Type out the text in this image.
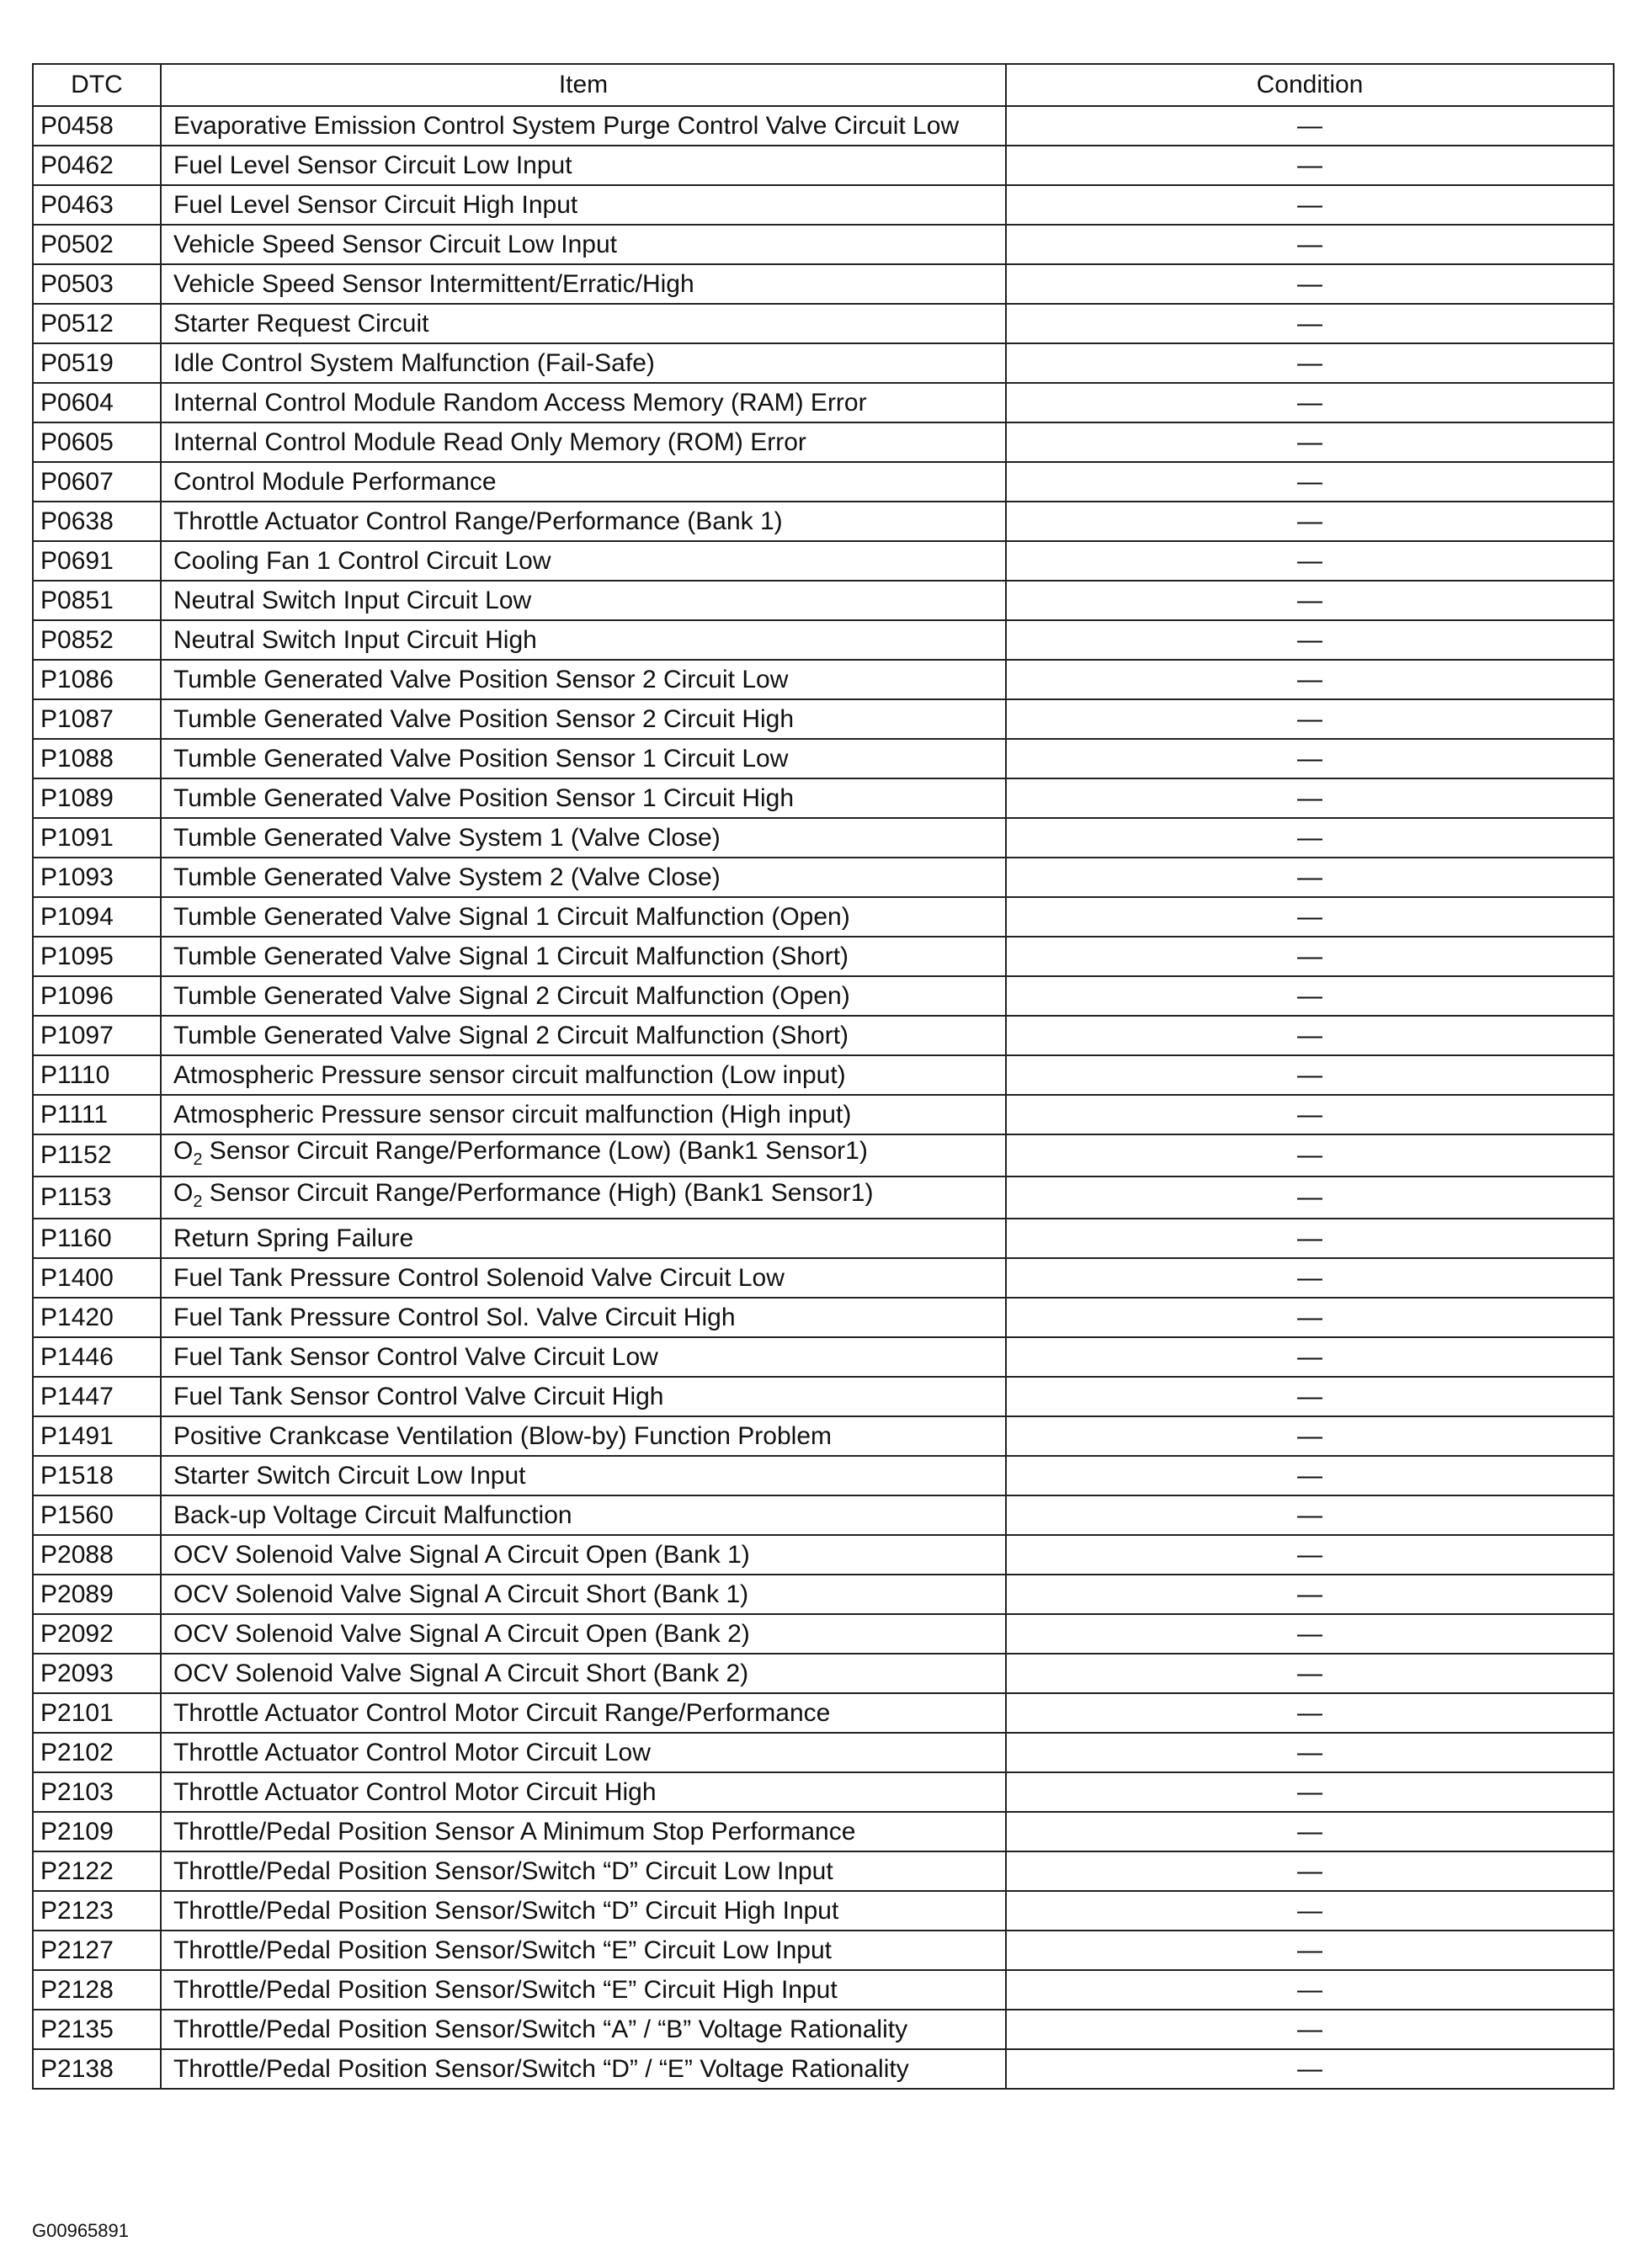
DTC	Item	Condition
P0458	Evaporative Emission Control System Purge Control Valve Circuit Low	—
P0462	Fuel Level Sensor Circuit Low Input	—
P0463	Fuel Level Sensor Circuit High Input	—
P0502	Vehicle Speed Sensor Circuit Low Input	—
P0503	Vehicle Speed Sensor Intermittent/Erratic/High	—
P0512	Starter Request Circuit	—
P0519	Idle Control System Malfunction (Fail-Safe)	—
P0604	Internal Control Module Random Access Memory (RAM) Error	—
P0605	Internal Control Module Read Only Memory (ROM) Error	—
P0607	Control Module Performance	—
P0638	Throttle Actuator Control Range/Performance (Bank 1)	—
P0691	Cooling Fan 1 Control Circuit Low	—
P0851	Neutral Switch Input Circuit Low	—
P0852	Neutral Switch Input Circuit High	—
P1086	Tumble Generated Valve Position Sensor 2 Circuit Low	—
P1087	Tumble Generated Valve Position Sensor 2 Circuit High	—
P1088	Tumble Generated Valve Position Sensor 1 Circuit Low	—
P1089	Tumble Generated Valve Position Sensor 1 Circuit High	—
P1091	Tumble Generated Valve System 1 (Valve Close)	—
P1093	Tumble Generated Valve System 2 (Valve Close)	—
P1094	Tumble Generated Valve Signal 1 Circuit Malfunction (Open)	—
P1095	Tumble Generated Valve Signal 1 Circuit Malfunction (Short)	—
P1096	Tumble Generated Valve Signal 2 Circuit Malfunction (Open)	—
P1097	Tumble Generated Valve Signal 2 Circuit Malfunction (Short)	—
P1110	Atmospheric Pressure sensor circuit malfunction (Low input)	—
P1111	Atmospheric Pressure sensor circuit malfunction (High input)	—
P1152	$O_2$ Sensor Circuit Range/Performance (Low) (Bank1 Sensor1)	—
P1153	$O_2$ Sensor Circuit Range/Performance (High) (Bank1 Sensor1)	—
P1160	Return Spring Failure	—
P1400	Fuel Tank Pressure Control Solenoid Valve Circuit Low	—
P1420	Fuel Tank Pressure Control Sol. Valve Circuit High	—
P1446	Fuel Tank Sensor Control Valve Circuit Low	—
P1447	Fuel Tank Sensor Control Valve Circuit High	—
P1491	Positive Crankcase Ventilation (Blow-by) Function Problem	—
P1518	Starter Switch Circuit Low Input	—
P1560	Back-up Voltage Circuit Malfunction	—
P2088	OCV Solenoid Valve Signal A Circuit Open (Bank 1)	—
P2089	OCV Solenoid Valve Signal A Circuit Short (Bank 1)	—
P2092	OCV Solenoid Valve Signal A Circuit Open (Bank 2)	—
P2093	OCV Solenoid Valve Signal A Circuit Short (Bank 2)	—
P2101	Throttle Actuator Control Motor Circuit Range/Performance	—
P2102	Throttle Actuator Control Motor Circuit Low	—
P2103	Throttle Actuator Control Motor Circuit High	—
P2109	Throttle/Pedal Position Sensor A Minimum Stop Performance	—
P2122	Throttle/Pedal Position Sensor/Switch “D” Circuit Low Input	—
P2123	Throttle/Pedal Position Sensor/Switch “D” Circuit High Input	—
P2127	Throttle/Pedal Position Sensor/Switch “E” Circuit Low Input	—
P2128	Throttle/Pedal Position Sensor/Switch “E” Circuit High Input	—
P2135	Throttle/Pedal Position Sensor/Switch “A” / “B” Voltage Rationality	—
P2138	Throttle/Pedal Position Sensor/Switch “D” / “E” Voltage Rationality	—
G00965891
